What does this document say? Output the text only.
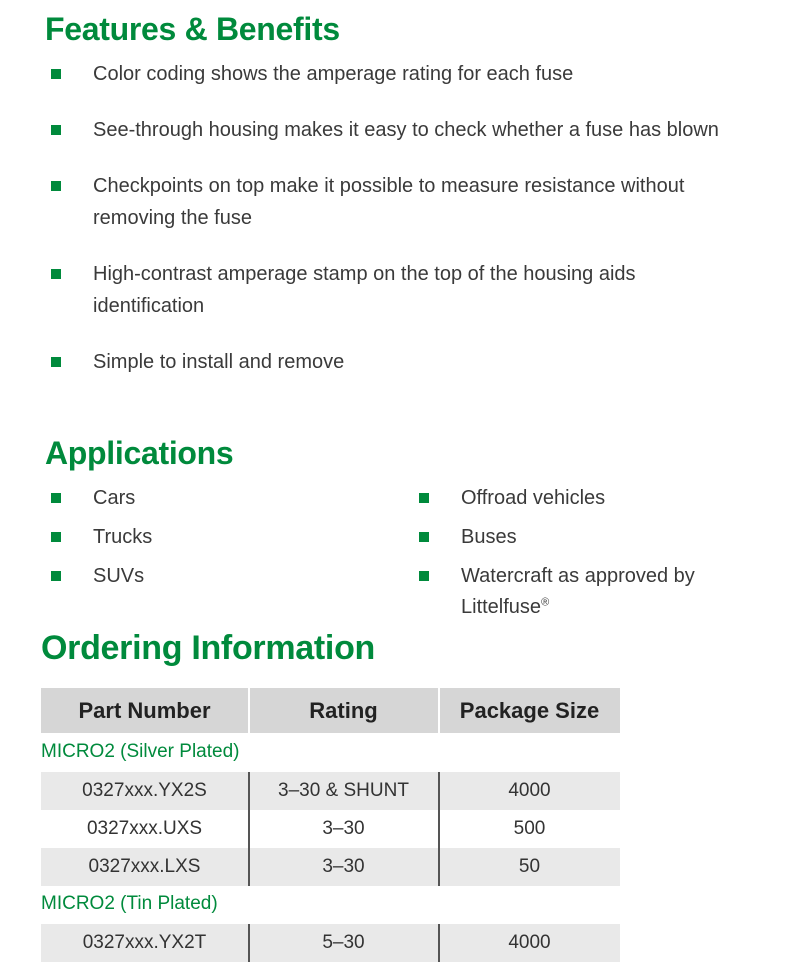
Features & Benefits
Color coding shows the amperage rating for each fuse
See-through housing makes it easy to check whether a fuse has blown
Checkpoints on top make it possible to measure resistance without
removing the fuse
High-contrast amperage stamp on the top of the housing aids
identification
Simple to install and remove
Applications
Cars
Trucks
SUVs
Offroad vehicles
Buses
Watercraft as approved by
Littelfuse®
Ordering Information
Part Number	Rating	Package Size
MICRO2 (Silver Plated)
0327xxx.YX2S	3–30 & SHUNT	4000
0327xxx.UXS	3–30	500
0327xxx.LXS	3–30	50
MICRO2 (Tin Plated)
0327xxx.YX2T	5–30	4000
